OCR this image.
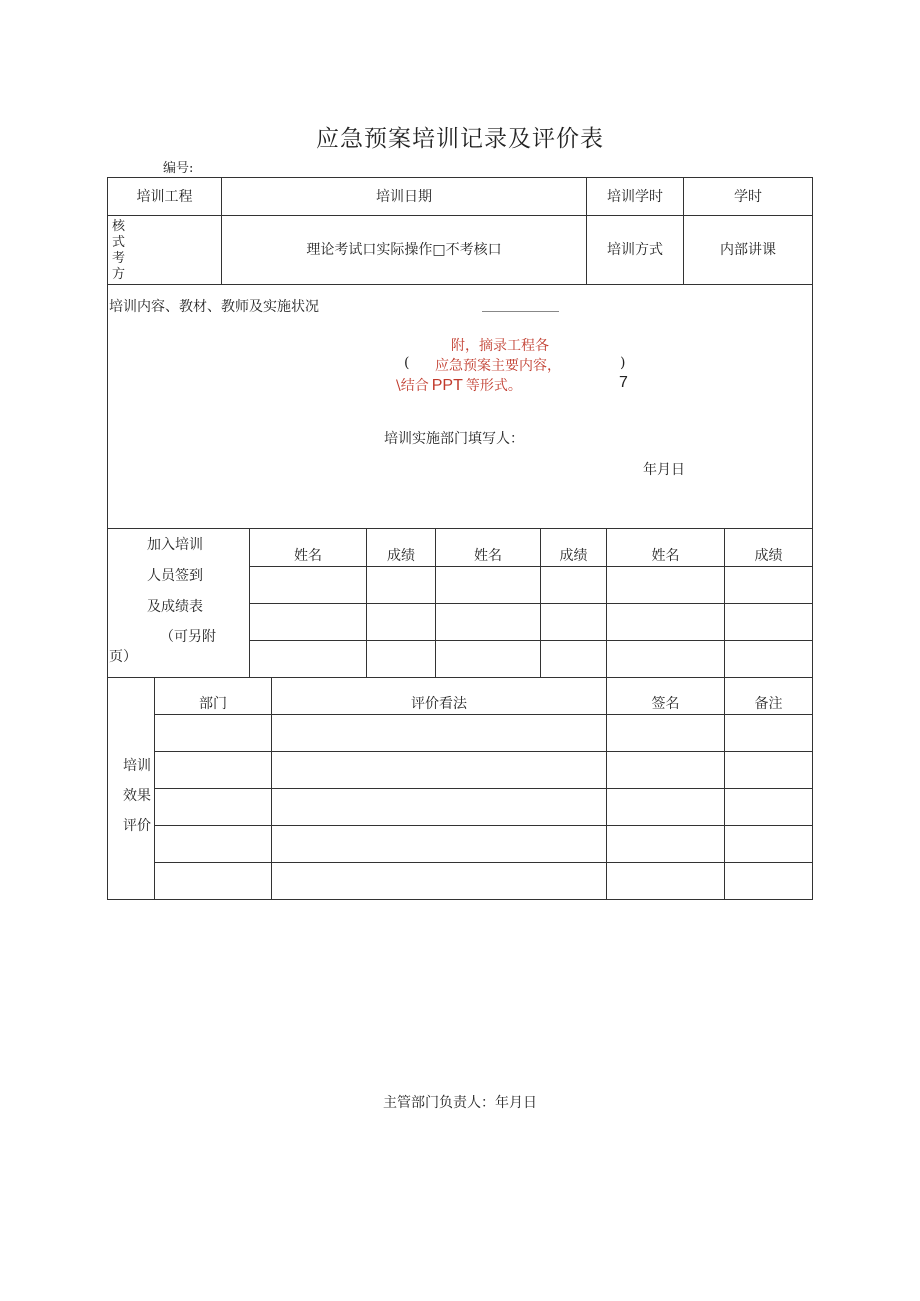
应急预案培训记录及评价表
编号:
培训工程	培训日期	培训学时	学时
核
式
考
方
理论考试口实际操作□不考核口	培训方式	内部讲课
培训内容、教材、教师及实施状况
附，摘录工程各
( 应急预案主要内容，	)
\结合 PPT 等形式。	7
培训实施部门填写人：
年月日
加入培训
人员签到
及成绩表
（可另附
页）
姓名	成绩	姓名	成绩	姓名	成绩
培训
效果
评价
部门	评价看法	签名	备注
主管部门负责人：年月日
